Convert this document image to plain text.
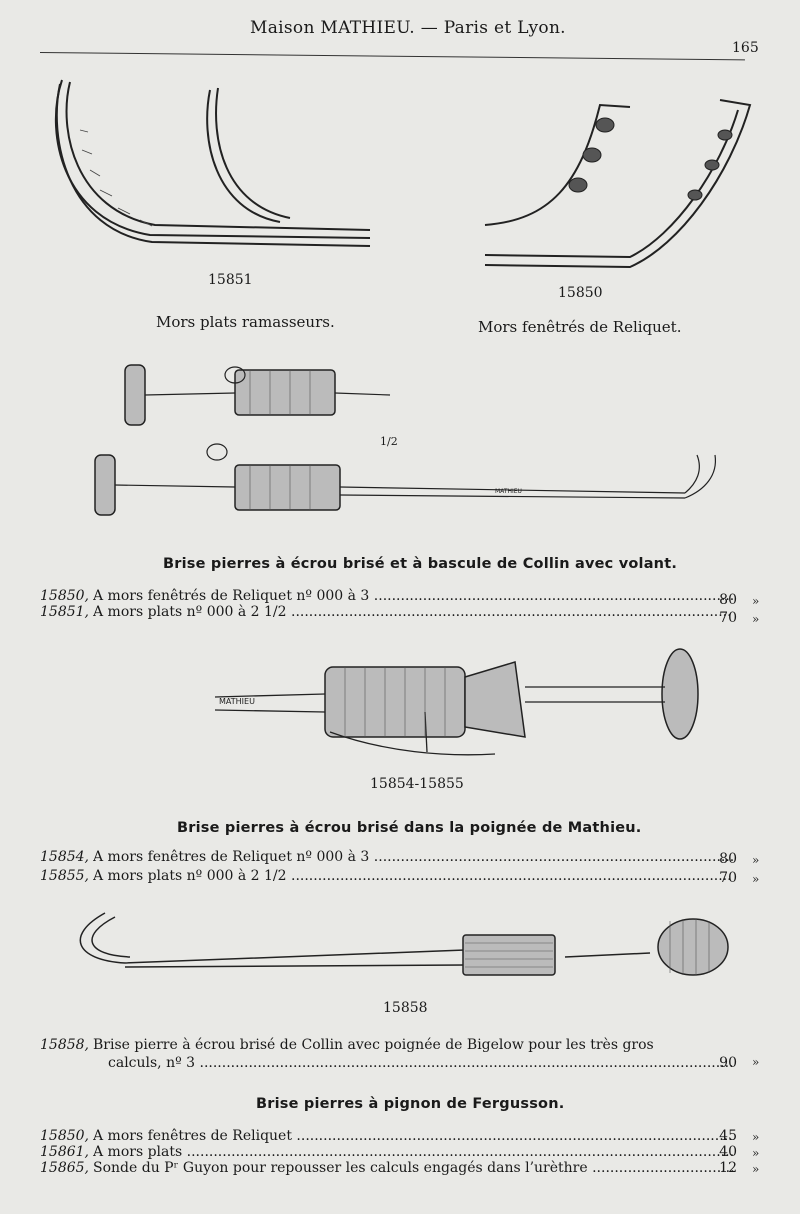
Maison MATHIEU. — Paris et Lyon.
165
15851
Mors plats ramasseurs.
15850
Mors fenêtrés de Reliquet.
MATHIEU
1/2
Brise pierres à écrou brisé et à bascule de Collin avec volant.
15850, A mors fenêtrés de Reliquet nº 000 à 3 .....	80 »
15851, A mors plats nº 000 à 2 1/2 .....	70 »
MATHIEU
15854-15855
Brise pierres à écrou brisé dans la poignée de Mathieu.
15854, A mors fenêtres de Reliquet nº 000 à 3 .....	80 »
15855, A mors plats nº 000 à 2 1/2 .....	70 »
15858
15858, Brise pierre à écrou brisé de Collin avec poignée de Bigelow pour les très gros
calculs, nº 3 .....	90 »
Brise pierres à pignon de Fergusson.
15850, A mors fenêtres de Reliquet .....	45 »
15861, A mors plats .....	40 »
15865, Sonde du Pʳ Guyon pour repousser les calculs engagés dans l’urèthre .....	12 »
